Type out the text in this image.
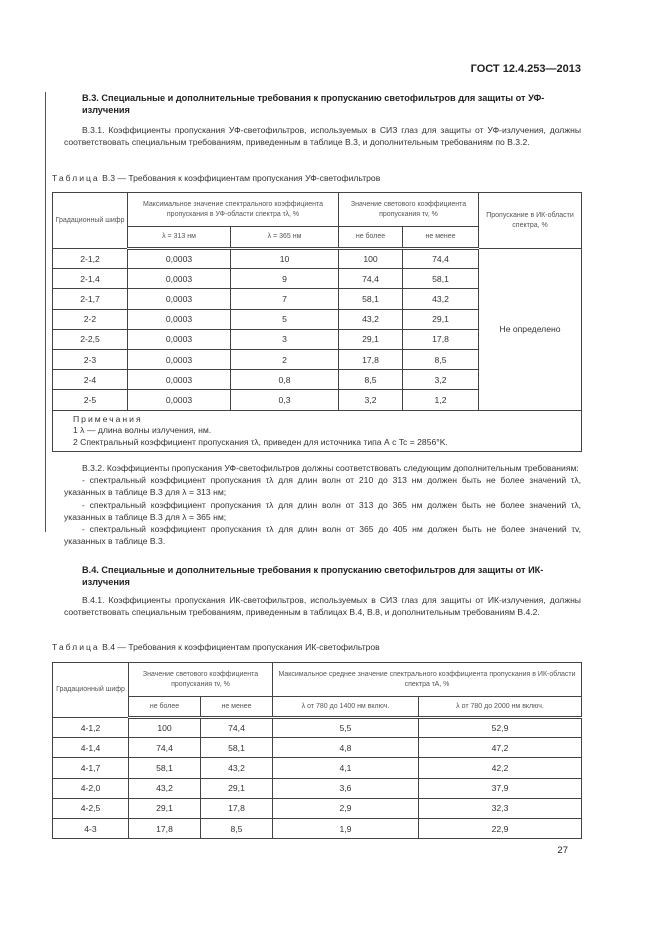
ГОСТ 12.4.253—2013
В.3. Специальные и дополнительные требования к пропусканию светофильтров для защиты от УФ-излучения
В.3.1. Коэффициенты пропускания УФ-светофильтров, используемых в СИЗ глаз для защиты от УФ-излучения, должны соответствовать специальным требованиям, приведенным в таблице В.3, и дополнительным требованиям по В.3.2.
Таблица В.3 — Требования к коэффициентам пропускания УФ-светофильтров
Градационный шифр	Максимальное значение спектрального коэффициента пропускания в УФ-области спектра τλ, %		Значение светового коэффициента пропускания τv, %		Пропускание в ИК-области спектра, %
	λ = 313 нм	λ = 365 нм	не более	не менее	
2-1,2	0,0003	10	100	74,4	Не определено
2-1,4	0,0003	9	74,4	58,1	
2-1,7	0,0003	7	58,1	43,2	
2-2	0,0003	5	43,2	29,1	
2-2,5	0,0003	3	29,1	17,8	
2-3	0,0003	2	17,8	8,5	
2-4	0,0003	0,8	8,5	3,2	
2-5	0,0003	0,3	3,2	1,2	

Примечания
1 λ — длина волны излучения, нм.
2 Спектральный коэффициент пропускания τλ, приведен для источника типа А с Tc = 2856°K.					
В.3.2. Коэффициенты пропускания УФ-светофильтров должны соответствовать следующим дополнительным требованиям:
- спектральный коэффициент пропускания τλ для длин волн от 210 до 313 нм должен быть не более значений τλ, указанных в таблице В.3 для λ = 313 нм;
- спектральный коэффициент пропускания τλ для длин волн от 313 до 365 нм должен быть не более значений τλ, указанных в таблице В.3 для λ = 365 нм;
- спектральный коэффициент пропускания τλ для длин волн от 365 до 405 нм должен быть не более значений τv, указанных в таблице В.3.
В.4. Специальные и дополнительные требования к пропусканию светофильтров для защиты от ИК-излучения
В.4.1. Коэффициенты пропускания ИК-светофильтров, используемых в СИЗ глаз для защиты от ИК-излучения, должны соответствовать специальным требованиям, приведенным в таблицах В.4, В.8, и дополнительным требованиям В.4.2.
Таблица В.4 — Требования к коэффициентам пропускания ИК-светофильтров
Градационный шифр	Значение светового коэффициента пропускания τv, %		Максимальное среднее значение спектрального коэффициента пропускания в ИК-области спектра τA, %	
	не более	не менее	λ от 780 до 1400 нм включ.	λ от 780 до 2000 нм включ.
4-1,2	100	74,4	5,5	52,9
4-1,4	74,4	58,1	4,8	47,2
4-1,7	58,1	43,2	4,1	42,2
4-2,0	43,2	29,1	3,6	37,9
4-2,5	29,1	17,8	2,9	32,3
4-3	17,8	8,5	1,9	22,9
27
